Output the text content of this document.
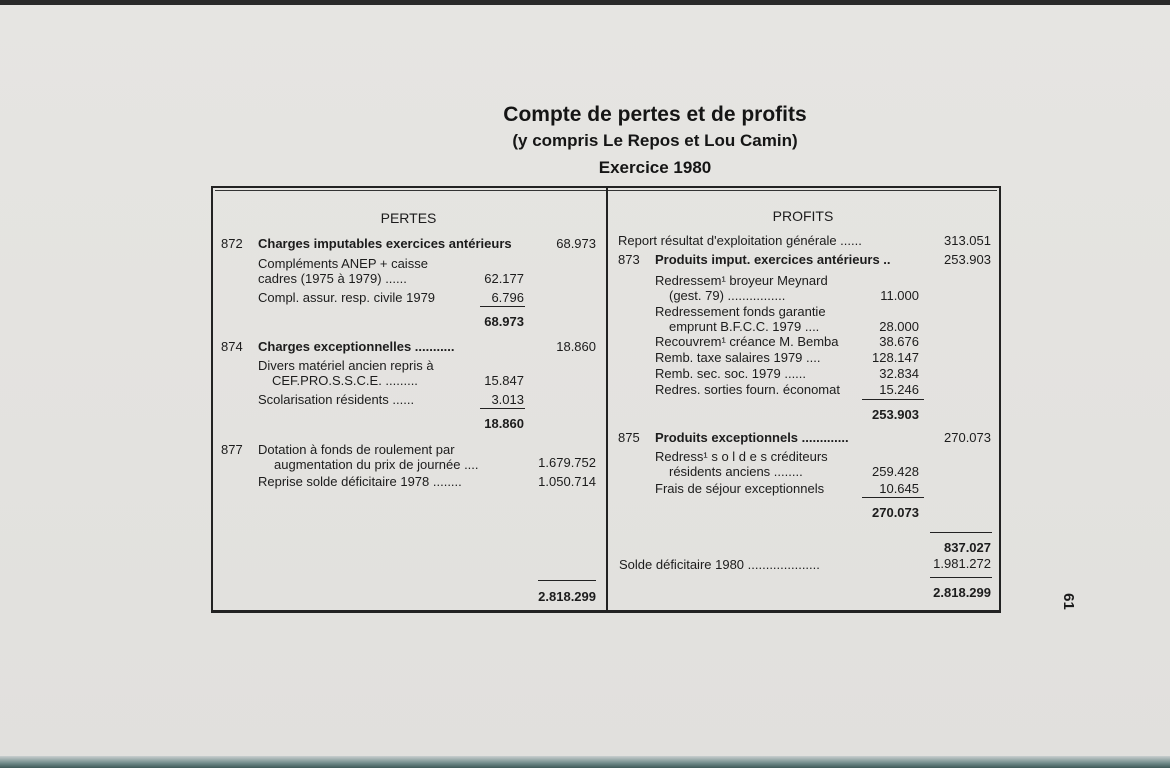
Compte de pertes et de profits
(y compris Le Repos et Lou Camin)
Exercice 1980
PERTES
872 Charges imputables exercices antérieurs	68.973
Compléments ANEP + caisse
cadres (1975 à 1979) ......	62.177
Compl. assur. resp. civile 1979	6.796
68.973
874 Charges exceptionnelles ...........	18.860
Divers matériel ancien repris à
CEF.PRO.S.S.C.E. .........	15.847
Scolarisation résidents ......	3.013
18.860
877 Dotation à fonds de roulement par
augmentation du prix de journée ....	1.679.752
Reprise solde déficitaire 1978 ........	1.050.714
2.818.299
PROFITS
Report résultat d'exploitation générale ......	313.051
873 Produits imput. exercices antérieurs ..	253.903
Redressem¹ broyeur Meynard
(gest. 79) ................	11.000
Redressement fonds garantie
emprunt B.F.C.C. 1979 ....	28.000
Recouvrem¹ créance M. Bemba	38.676
Remb. taxe salaires 1979 ....	128.147
Remb. sec. soc. 1979 ......	32.834
Redres. sorties fourn. économat	15.246
253.903
875 Produits exceptionnels .............	270.073
Redress¹ s o l d e s créditeurs
résidents anciens ........	259.428
Frais de séjour exceptionnels	10.645
270.073
837.027
Solde déficitaire 1980 ....................	1.981.272
2.818.299
61
